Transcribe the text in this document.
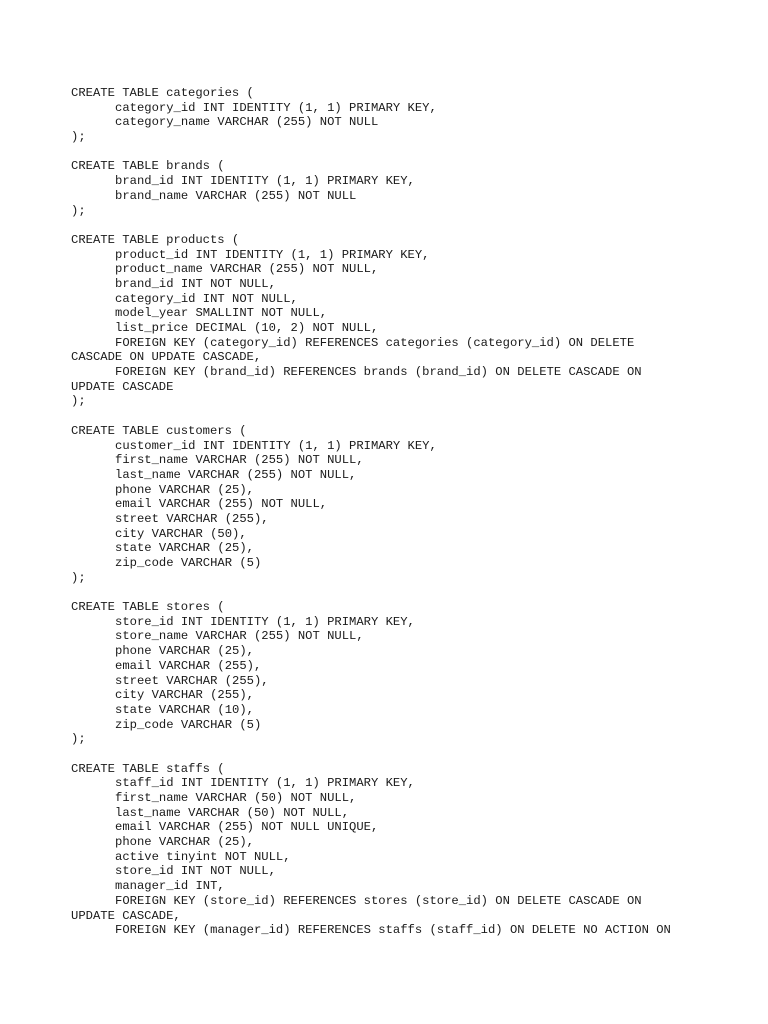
CREATE TABLE categories (
category_id INT IDENTITY (1, 1) PRIMARY KEY,
category_name VARCHAR (255) NOT NULL
);
CREATE TABLE brands (
brand_id INT IDENTITY (1, 1) PRIMARY KEY,
brand_name VARCHAR (255) NOT NULL
);
CREATE TABLE products (
product_id INT IDENTITY (1, 1) PRIMARY KEY,
product_name VARCHAR (255) NOT NULL,
brand_id INT NOT NULL,
category_id INT NOT NULL,
model_year SMALLINT NOT NULL,
list_price DECIMAL (10, 2) NOT NULL,
FOREIGN KEY (category_id) REFERENCES categories (category_id) ON DELETE
CASCADE ON UPDATE CASCADE,
FOREIGN KEY (brand_id) REFERENCES brands (brand_id) ON DELETE CASCADE ON
UPDATE CASCADE
);
CREATE TABLE customers (
customer_id INT IDENTITY (1, 1) PRIMARY KEY,
first_name VARCHAR (255) NOT NULL,
last_name VARCHAR (255) NOT NULL,
phone VARCHAR (25),
email VARCHAR (255) NOT NULL,
street VARCHAR (255),
city VARCHAR (50),
state VARCHAR (25),
zip_code VARCHAR (5)
);
CREATE TABLE stores (
store_id INT IDENTITY (1, 1) PRIMARY KEY,
store_name VARCHAR (255) NOT NULL,
phone VARCHAR (25),
email VARCHAR (255),
street VARCHAR (255),
city VARCHAR (255),
state VARCHAR (10),
zip_code VARCHAR (5)
);
CREATE TABLE staffs (
staff_id INT IDENTITY (1, 1) PRIMARY KEY,
first_name VARCHAR (50) NOT NULL,
last_name VARCHAR (50) NOT NULL,
email VARCHAR (255) NOT NULL UNIQUE,
phone VARCHAR (25),
active tinyint NOT NULL,
store_id INT NOT NULL,
manager_id INT,
FOREIGN KEY (store_id) REFERENCES stores (store_id) ON DELETE CASCADE ON
UPDATE CASCADE,
FOREIGN KEY (manager_id) REFERENCES staffs (staff_id) ON DELETE NO ACTION ON
